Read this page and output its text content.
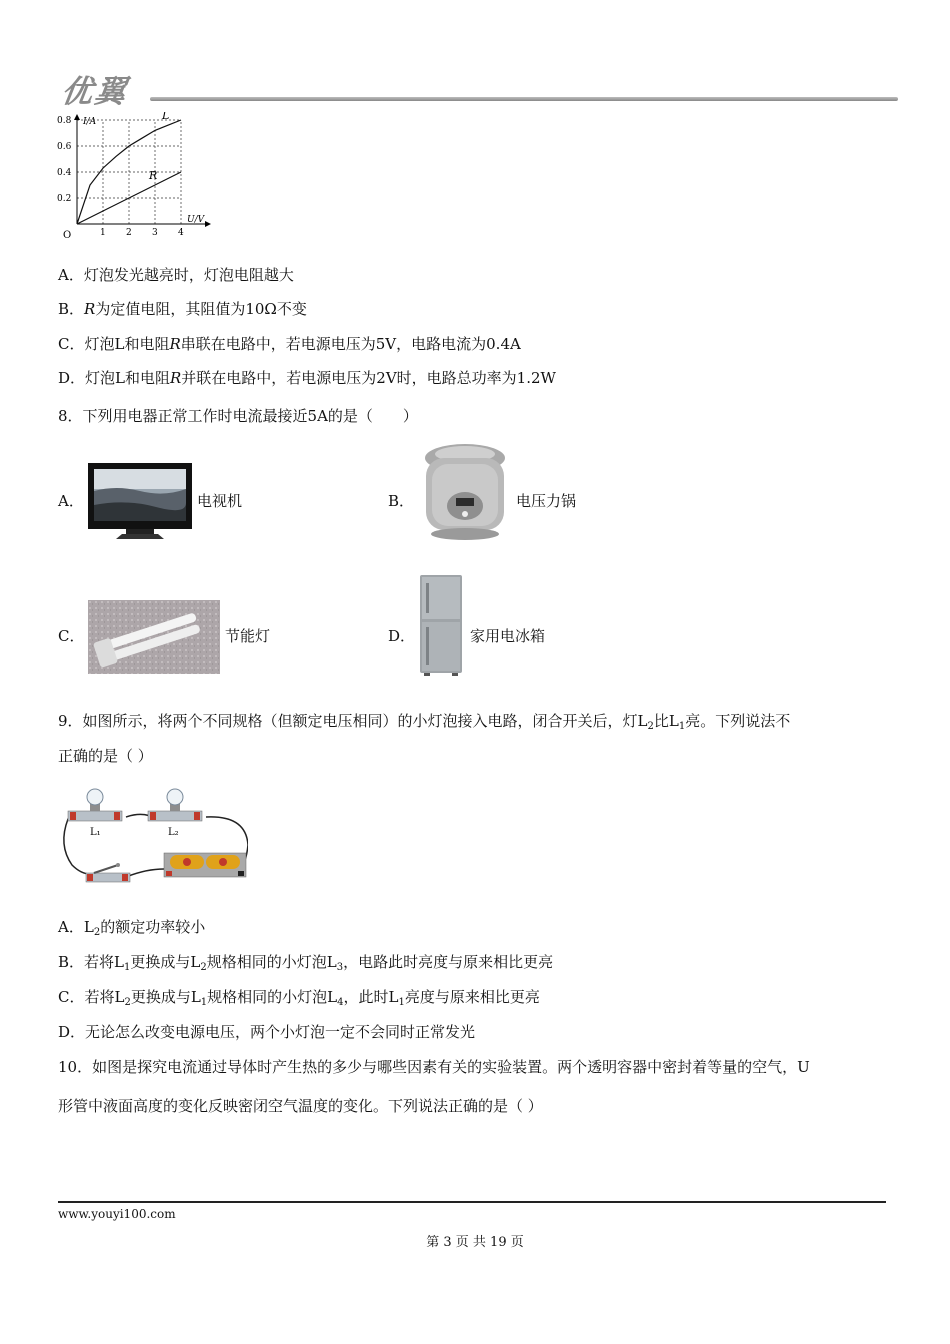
优翼
I/A
U/V
O	1 2 3 4
0.2
0.4
0.6
0.8	L
R
A．灯泡发光越亮时，灯泡电阻越大
B．R为定值电阻，其阻值为10Ω不变
C．灯泡L和电阻R串联在电路中，若电源电压为5V，电路电流为0.4A
D．灯泡L和电阻R并联在电路中，若电源电压为2V时，电路总功率为1.2W
8．下列用电器正常工作时电流最接近5A的是（　　）
A．	电视机	B．	电压力锅
C．	节能灯	D．	家用电冰箱
9．如图所示，将两个不同规格（但额定电压相同）的小灯泡接入电路，闭合开关后，灯$L_2$比$L_1$亮。下列说法不
正确的是（ ）
L₁	L₂
A．$L_2$的额定功率较小
B．若将$L_1$更换成与$L_2$规格相同的小灯泡$L_3$，电路此时亮度与原来相比更亮
C．若将$L_2$更换成与$L_1$规格相同的小灯泡$L_4$，此时$L_1$亮度与原来相比更亮
D．无论怎么改变电源电压，两个小灯泡一定不会同时正常发光
10．如图是探究电流通过导体时产生热的多少与哪些因素有关的实验装置。两个透明容器中密封着等量的空气，U
形管中液面高度的变化反映密闭空气温度的变化。下列说法正确的是（ ）
www.youyi100.com
第 3 页 共 19 页
